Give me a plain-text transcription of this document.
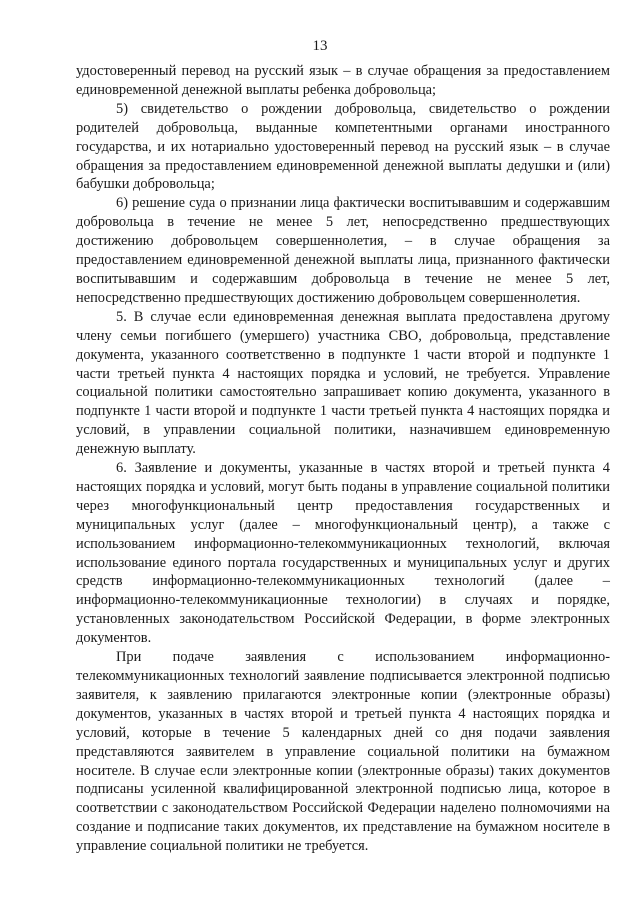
13

удостоверенный перевод на русский язык – в случае обращения за предоставлением единовременной денежной выплаты ребенка добровольца;

5) свидетельство о рождении добровольца, свидетельство о рождении родителей добровольца, выданные компетентными органами иностранного государства, и их нотариально удостоверенный перевод на русский язык – в случае обращения за предоставлением единовременной денежной выплаты дедушки и (или) бабушки добровольца;

6) решение суда о признании лица фактически воспитывавшим и содержавшим добровольца в течение не менее 5 лет, непосредственно предшествующих достижению добровольцем совершеннолетия, – в случае обращения за предоставлением единовременной денежной выплаты лица, признанного фактически воспитывавшим и содержавшим добровольца в течение не менее 5 лет, непосредственно предшествующих достижению добровольцем совершеннолетия.

5. В случае если единовременная денежная выплата предоставлена другому члену семьи погибшего (умершего) участника СВО, добровольца, представление документа, указанного соответственно в подпункте 1 части второй и подпункте 1 части третьей пункта 4 настоящих порядка и условий, не требуется. Управление социальной политики самостоятельно запрашивает копию документа, указанного в подпункте 1 части второй и подпункте 1 части третьей пункта 4 настоящих порядка и условий, в управлении социальной политики, назначившем единовременную денежную выплату.

6. Заявление и документы, указанные в частях второй и третьей пункта 4 настоящих порядка и условий, могут быть поданы в управление социальной политики через многофункциональный центр предоставления государственных и муниципальных услуг (далее – многофункциональный центр), а также с использованием информационно-телекоммуникационных технологий, включая использование единого портала государственных и муниципальных услуг и других средств информационно-телекоммуникационных технологий (далее – информационно-телекоммуникационные технологии) в случаях и порядке, установленных законодательством Российской Федерации, в форме электронных документов.

При подаче заявления с использованием информационно-телекоммуникационных технологий заявление подписывается электронной подписью заявителя, к заявлению прилагаются электронные копии (электронные образы) документов, указанных в частях второй и третьей пункта 4 настоящих порядка и условий, которые в течение 5 календарных дней со дня подачи заявления представляются заявителем в управление социальной политики на бумажном носителе. В случае если электронные копии (электронные образы) таких документов подписаны усиленной квалифицированной электронной подписью лица, которое в соответствии с законодательством Российской Федерации наделено полномочиями на создание и подписание таких документов, их представление на бумажном носителе в управление социальной политики не требуется.
